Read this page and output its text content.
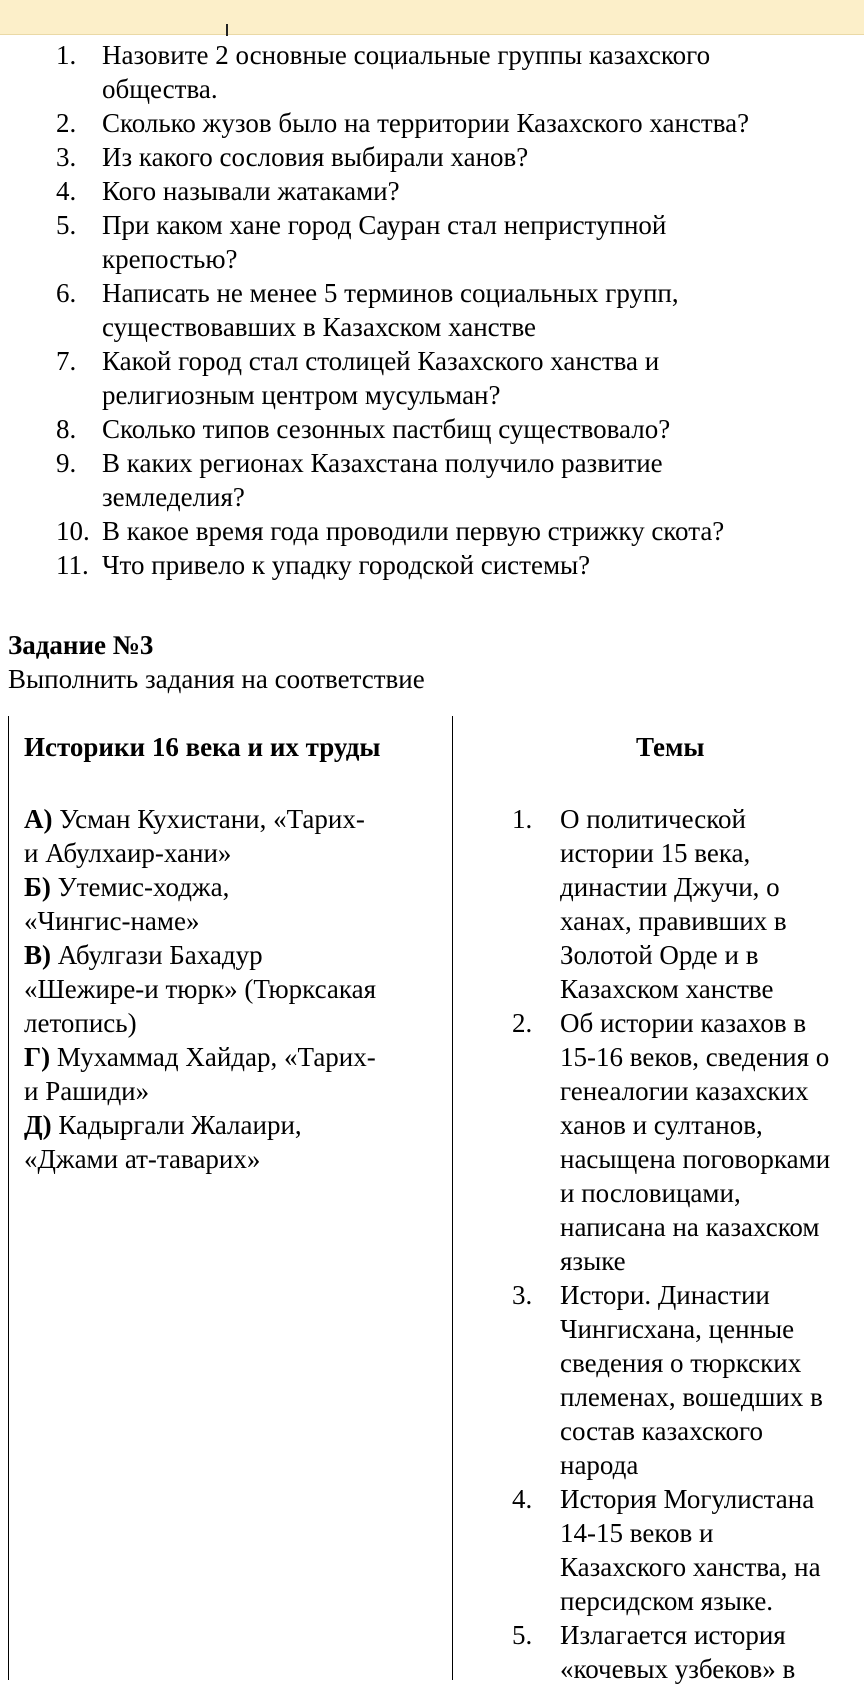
1. Назовите 2 основные социальные группы казахского
общества.
2. Сколько жузов было на территории Казахского ханства?
3. Из какого сословия выбирали ханов?
4. Кого называли жатаками?
5. При каком хане город Сауран стал неприступной
крепостью?
6. Написать не менее 5 терминов социальных групп,
существовавших в Казахском ханстве
7. Какой город стал столицей Казахского ханства и
религиозным центром мусульман?
8. Сколько типов сезонных пастбищ существовало?
9. В каких регионах Казахстана получило развитие
земледелия?
10. В какое время года проводили первую стрижку скота?
11. Что привело к упадку городской системы?
Задание №3
Выполнить задания на соответствие
Историки 16 века и их труды	Темы
А) Усман Кухистани, «Тарих-
и Абулхаир-хани»
Б) Утемис-ходжа,
«Чингис-наме»
В) Абулгази Бахадур
«Шежире-и тюрк» (Тюрксакая
летопись)
Г) Мухаммад Хайдар, «Тарих-
и Рашиди»
Д) Кадыргали Жалаири,
«Джами ат-таварих»
1. О политической
истории 15 века,
династии Джучи, о
ханах, правивших в
Золотой Орде и в
Казахском ханстве
2. Об истории казахов в
15-16 веков, сведения о
генеалогии казахских
ханов и султанов,
насыщена поговорками
и пословицами,
написана на казахском
языке
3. Истори. Династии
Чингисхана, ценные
сведения о тюркских
племенах, вошедших в
состав казахского
народа
4. История Могулистана
14-15 веков и
Казахского ханства, на
персидском языке.
5. Излагается история
«кочевых узбеков» в
